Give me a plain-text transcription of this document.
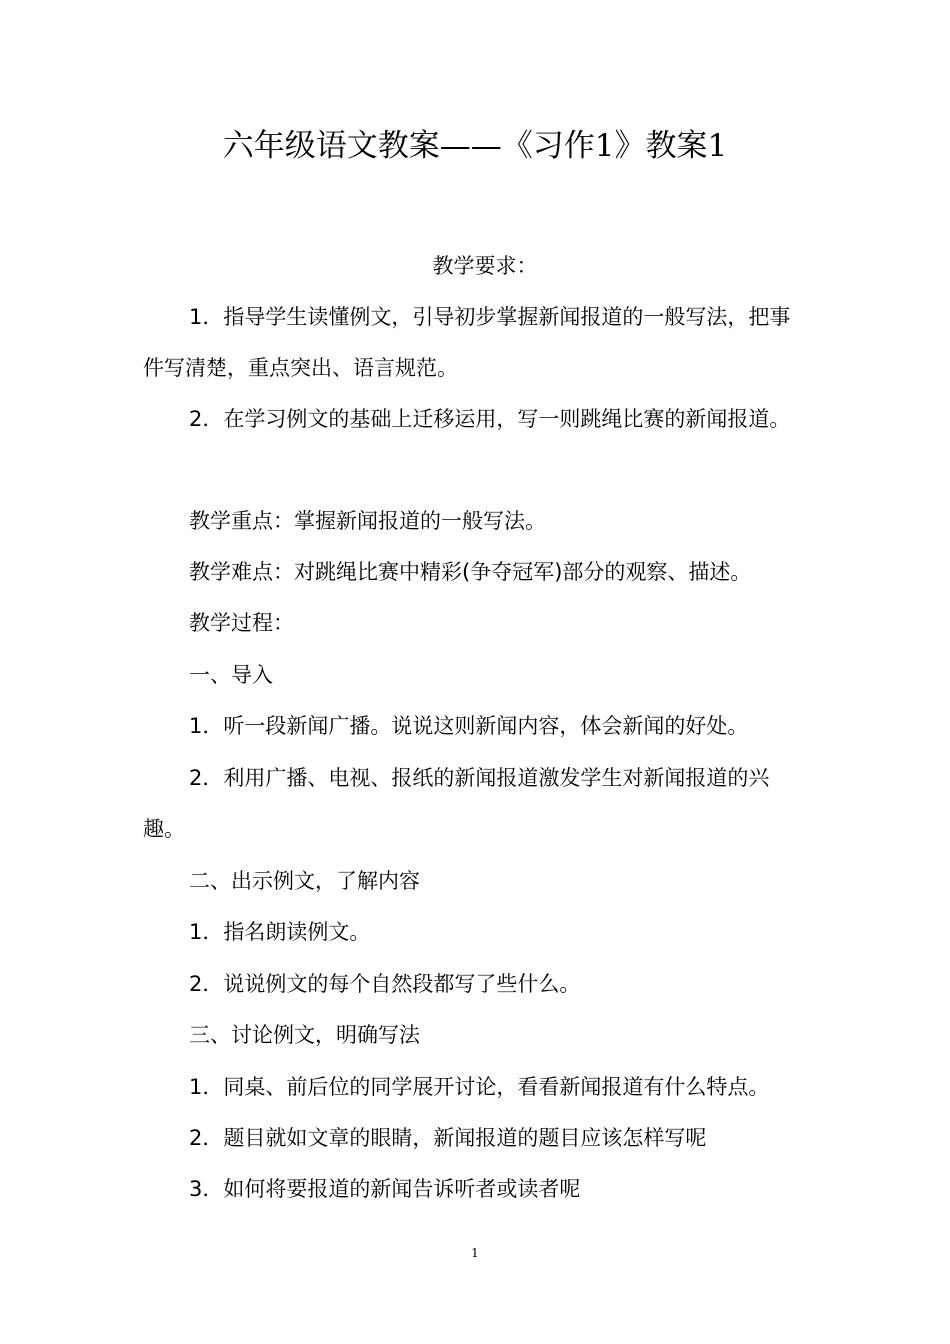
六年级语文教案——《习作1》教案1
教学要求：

1．指导学生读懂例文，引导初步掌握新闻报道的一般写法，把事件写清楚，重点突出、语言规范。

2．在学习例文的基础上迁移运用，写一则跳绳比赛的新闻报道。

教学重点：掌握新闻报道的一般写法。

教学难点：对跳绳比赛中精彩(争夺冠军)部分的观察、描述。

教学过程：

一、导入

1．听一段新闻广播。说说这则新闻内容，体会新闻的好处。

2．利用广播、电视、报纸的新闻报道激发学生对新闻报道的兴趣。

二、出示例文，了解内容

1．指名朗读例文。

2．说说例文的每个自然段都写了些什么。

三、讨论例文，明确写法

1．同桌、前后位的同学展开讨论，看看新闻报道有什么特点。

2．题目就如文章的眼睛，新闻报道的题目应该怎样写呢

3．如何将要报道的新闻告诉听者或读者呢

1
